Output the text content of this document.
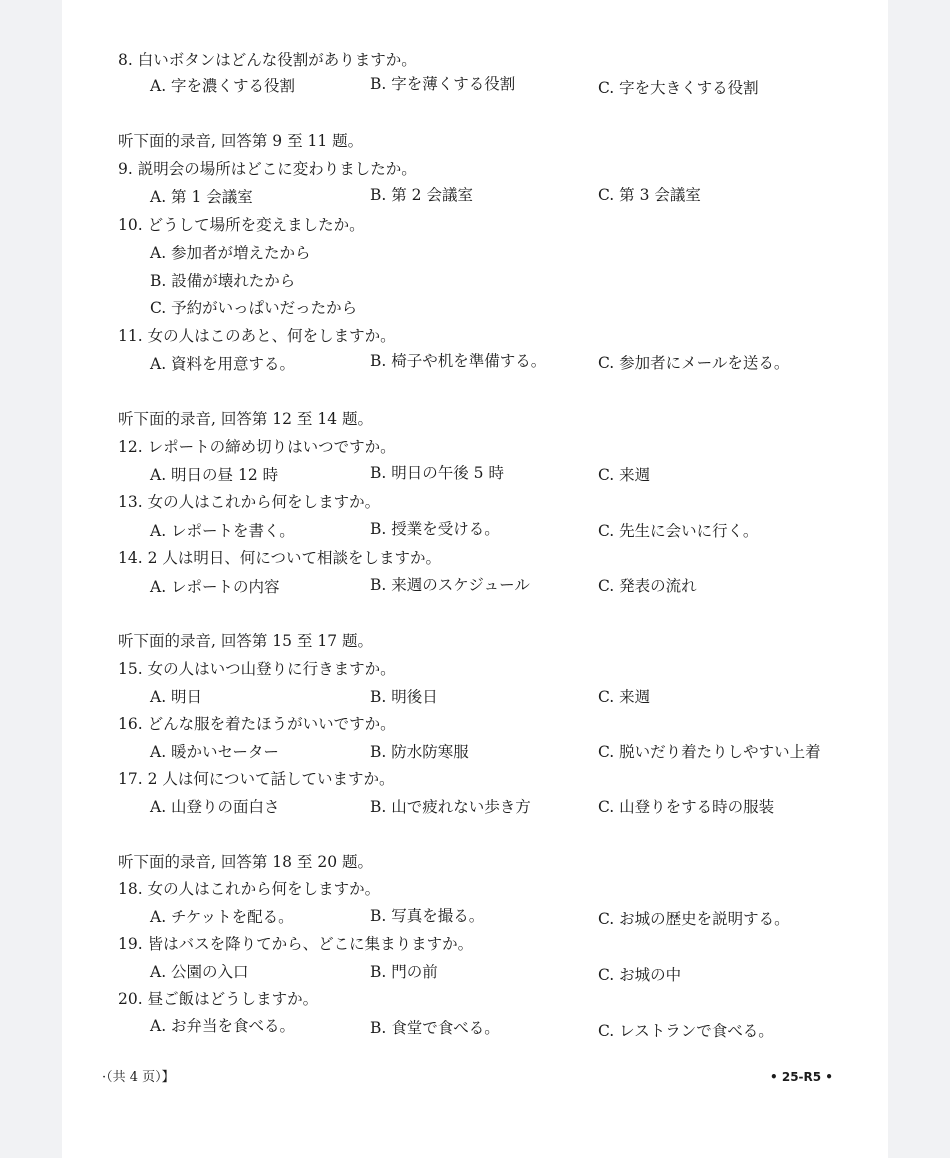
8. 白いボタンはどんな役割がありますか。
A. 字を濃くする役割	B. 字を薄くする役割	C. 字を大きくする役割
听下面的录音, 回答第 9 至 11 题。
9. 説明会の場所はどこに変わりましたか。
A. 第 1 会議室	B. 第 2 会議室	C. 第 3 会議室
10. どうして場所を変えましたか。
A. 参加者が増えたから
B. 設備が壊れたから
C. 予約がいっぱいだったから
11. 女の人はこのあと、何をしますか。
A. 資料を用意する。	B. 椅子や机を準備する。	C. 参加者にメールを送る。
听下面的录音, 回答第 12 至 14 题。
12. レポートの締め切りはいつですか。
A. 明日の昼 12 時	B. 明日の午後 5 時	C. 来週
13. 女の人はこれから何をしますか。
A. レポートを書く。	B. 授業を受ける。	C. 先生に会いに行く。
14. 2 人は明日、何について相談をしますか。
A. レポートの内容	B. 来週のスケジュール	C. 発表の流れ
听下面的录音, 回答第 15 至 17 题。
15. 女の人はいつ山登りに行きますか。
A. 明日	B. 明後日	C. 来週
16. どんな服を着たほうがいいですか。
A. 暖かいセーター	B. 防水防寒服	C. 脱いだり着たりしやすい上着
17. 2 人は何について話していますか。
A. 山登りの面白さ	B. 山で疲れない歩き方	C. 山登りをする時の服装
听下面的录音, 回答第 18 至 20 题。
18. 女の人はこれから何をしますか。
A. チケットを配る。	B. 写真を撮る。	C. お城の歴史を説明する。
19. 皆はバスを降りてから、どこに集まりますか。
A. 公園の入口	B. 門の前	C. お城の中
20. 昼ご飯はどうしますか。
A. お弁当を食べる。	B. 食堂で食べる。	C. レストランで食べる。
·（共 4 页）】	• 25-R5 •
